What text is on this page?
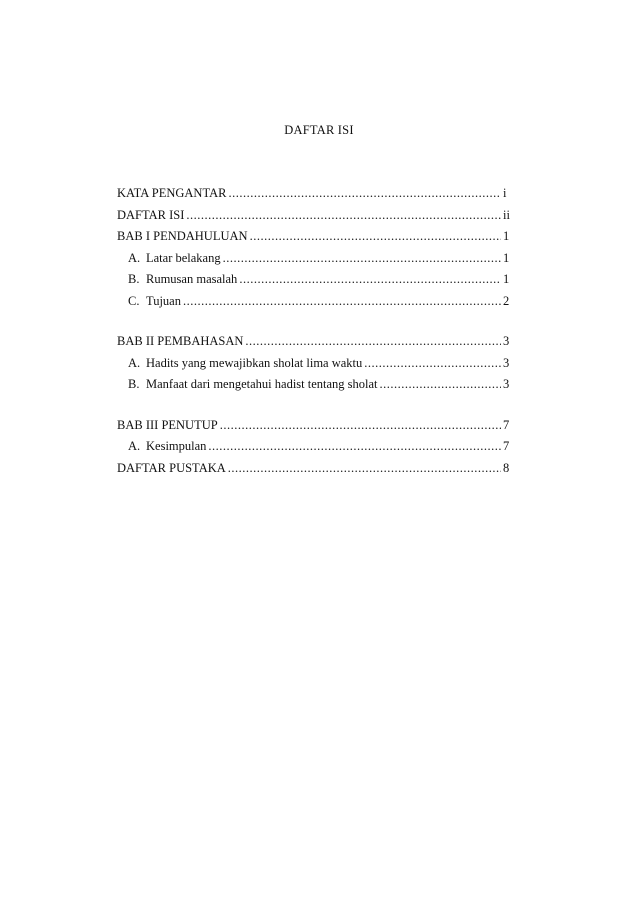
DAFTAR ISI
KATA PENGANTAR .....	i
DAFTAR ISI .....	ii
BAB I PENDAHULUAN .....	1
A. Latar belakang .....	1
B. Rumusan masalah .....	1
C. Tujuan .....	2
BAB II PEMBAHASAN .....	3
A. Hadits yang mewajibkan sholat lima waktu .....	3
B. Manfaat dari mengetahui hadist tentang sholat .....	3
BAB III PENUTUP .....	7
A. Kesimpulan .....	7
DAFTAR PUSTAKA .....	8
